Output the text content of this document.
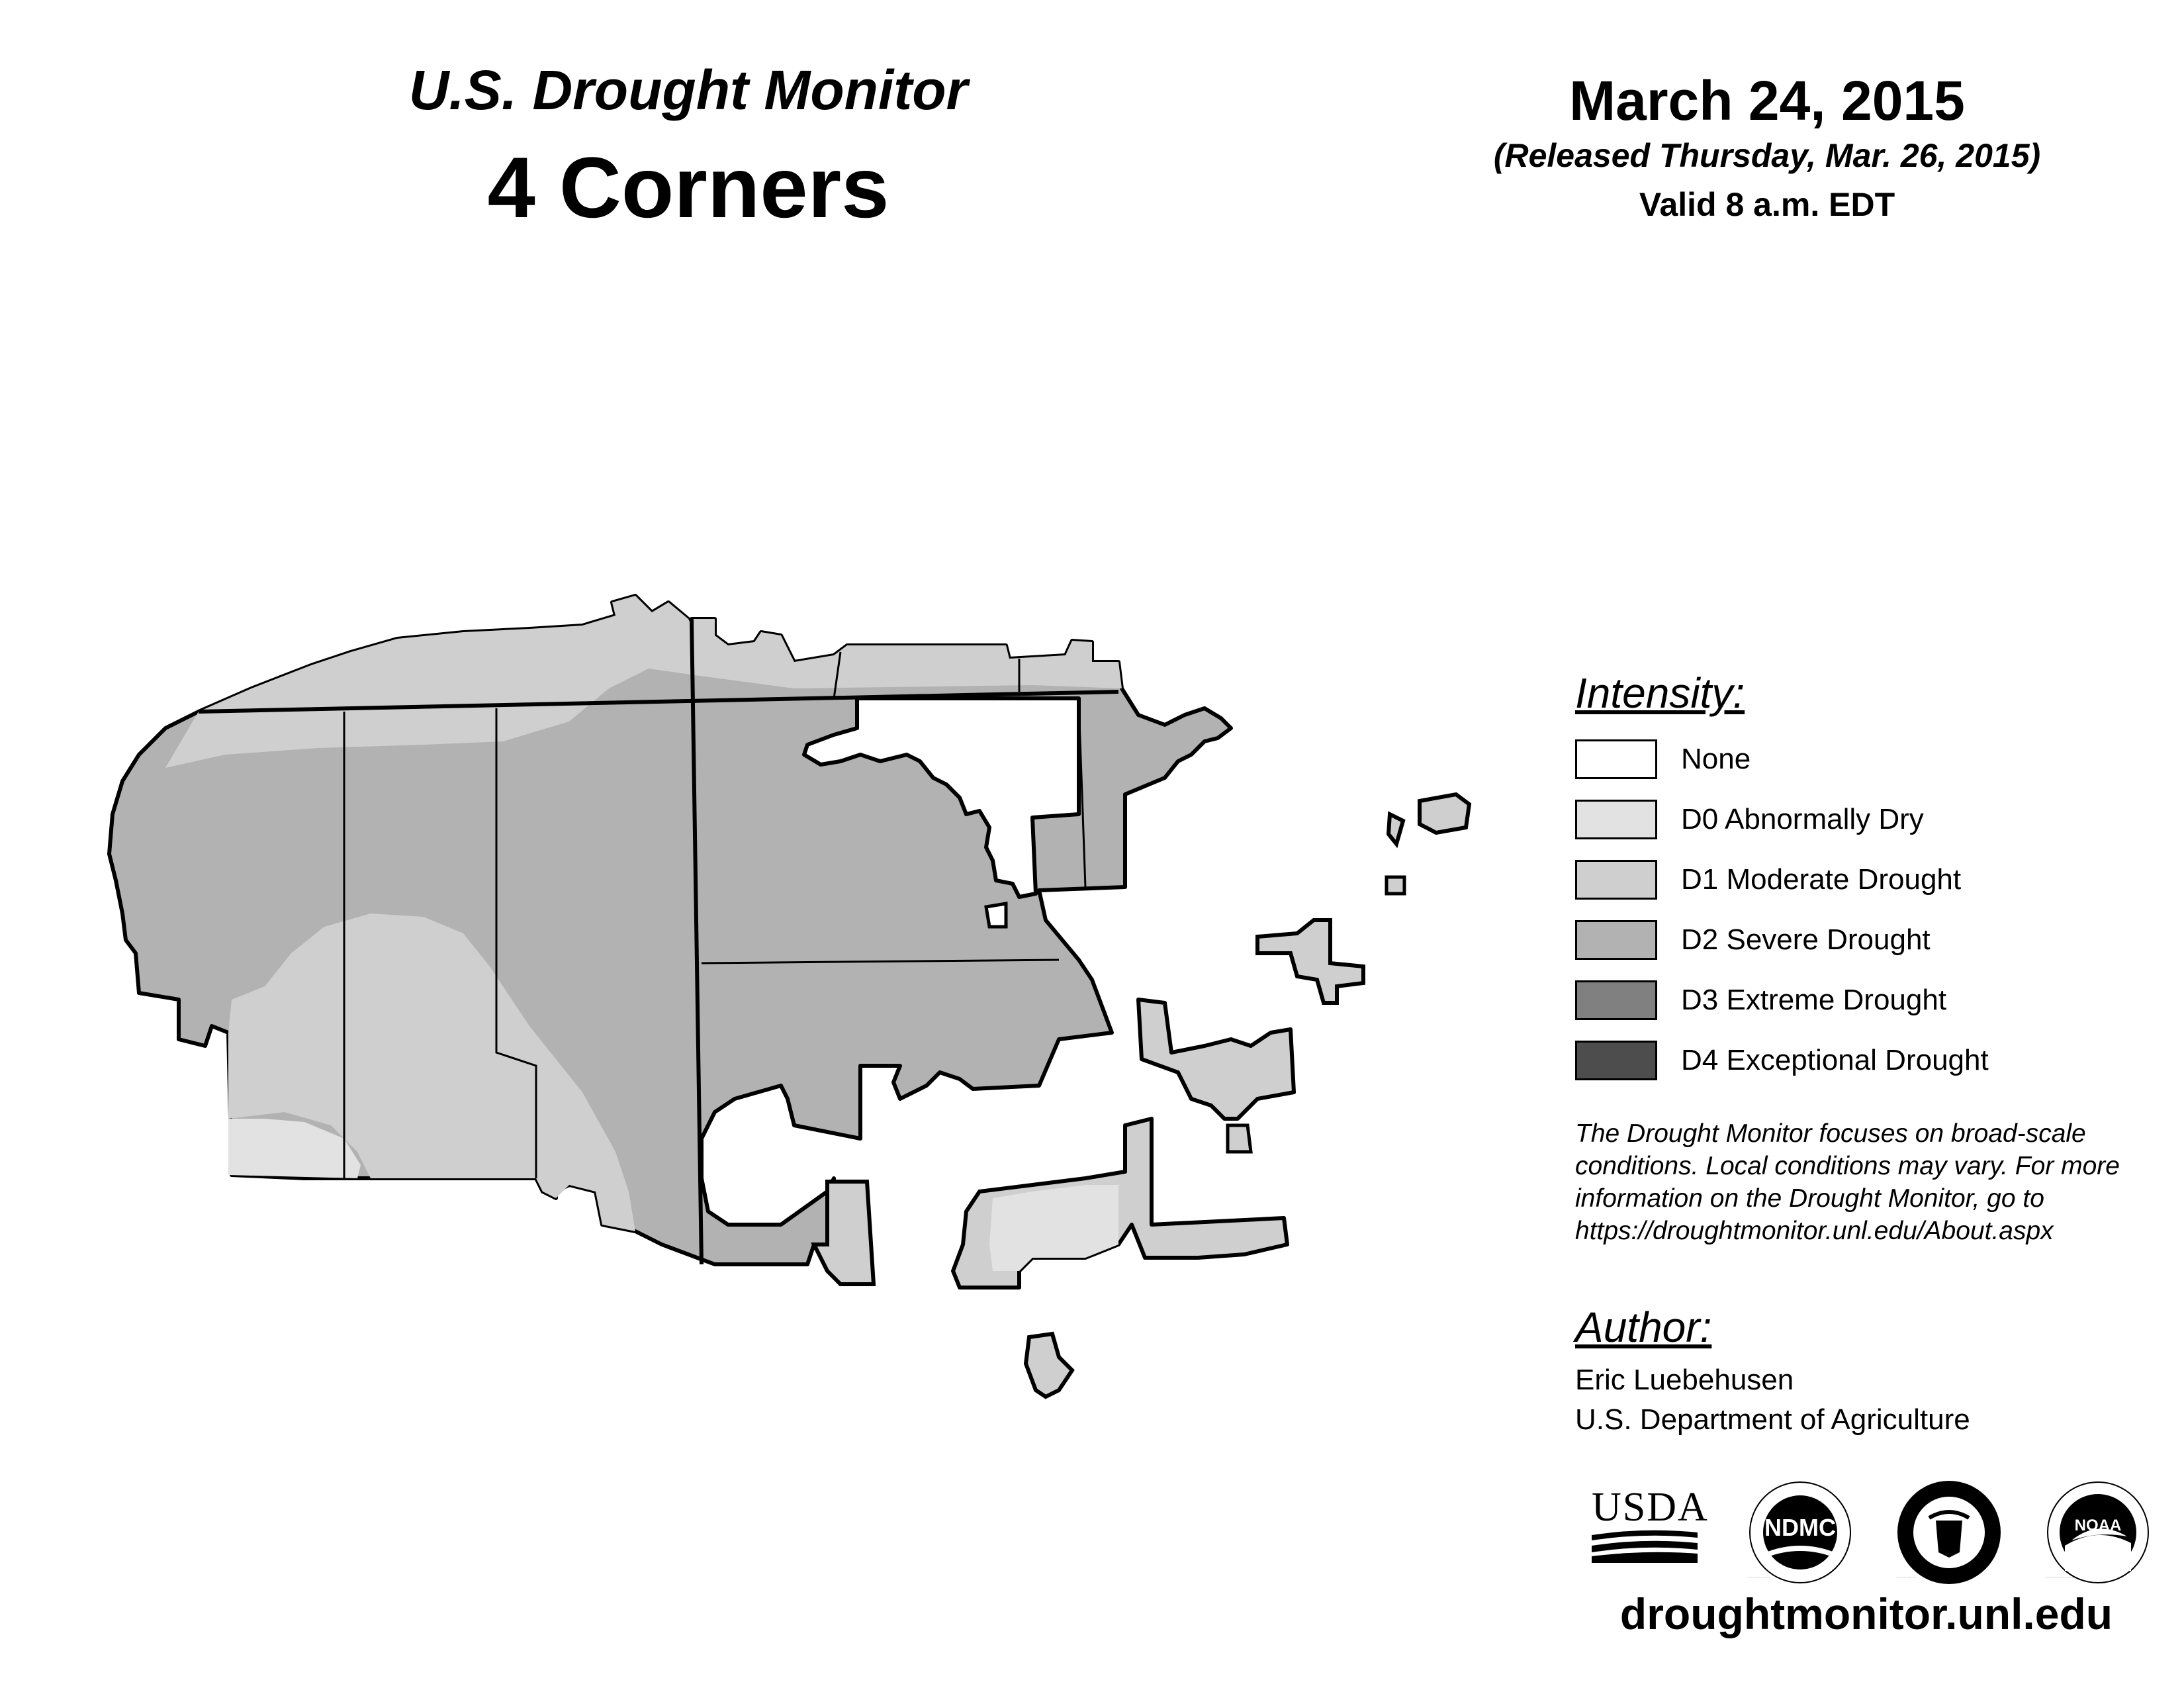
U.S. Drought Monitor
4 Corners
March 24, 2015
(Released Thursday, Mar. 26, 2015)
Valid 8 a.m. EDT
Intensity:
None
D0 Abnormally Dry
D1 Moderate Drought
D2 Severe Drought
D3 Extreme Drought
D4 Exceptional Drought
The Drought Monitor focuses on broad-scale conditions. Local conditions may vary. For more information on the Drought Monitor, go to https://droughtmonitor.unl.edu/About.aspx
Author:
Eric Luebehusen
U.S. Department of Agriculture
USDA	NDMC
NATIONAL DROUGHT MITIGATION CENTER · UNIVERSITY OF NEBRASKA	DEPARTMENT OF COMMERCE · UNITED STATES OF AMERICA
NOAA
NATIONAL OCEANIC AND ATMOSPHERIC ADMINISTRATION · U.S. DEPARTMENT OF COMMERCE
droughtmonitor.unl.edu
